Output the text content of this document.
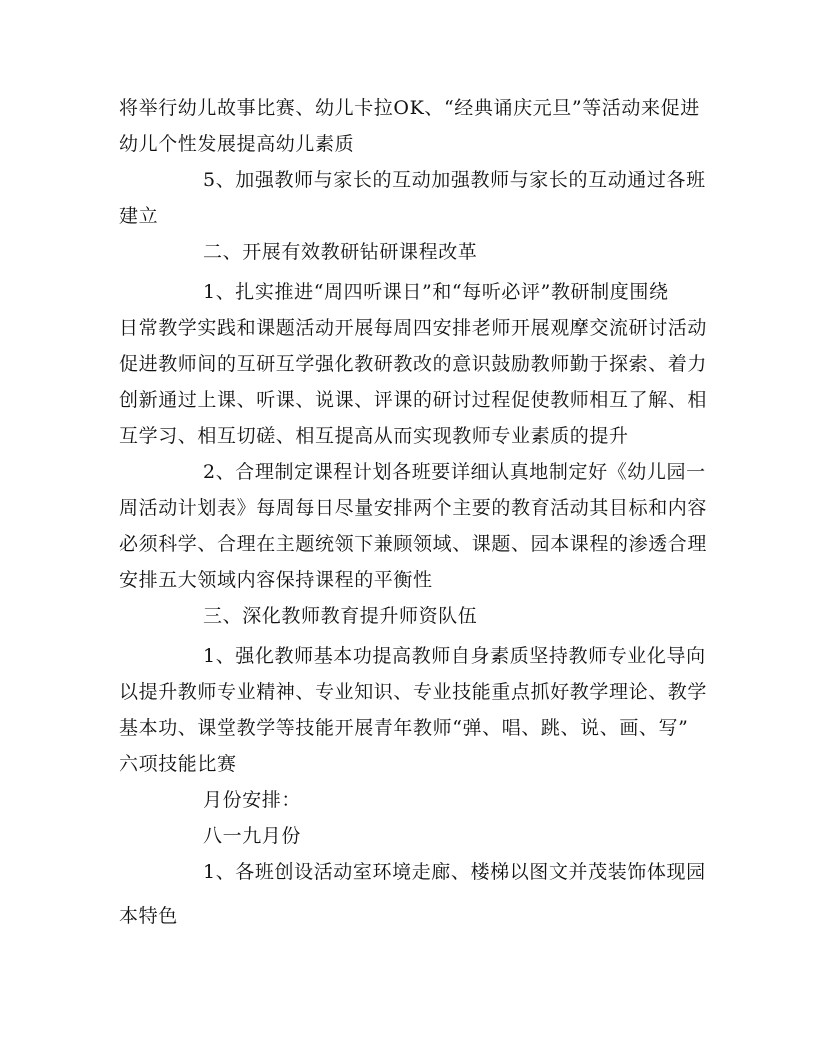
将举行幼儿故事比赛、幼儿卡拉OK、“经典诵庆元旦”等活动来促进
幼儿个性发展提高幼儿素质
5、加强教师与家长的互动加强教师与家长的互动通过各班
建立
二、开展有效教研钻研课程改革
1、扎实推进“周四听课日”和“每听必评”教研制度围绕
日常教学实践和课题活动开展每周四安排老师开展观摩交流研讨活动
促进教师间的互研互学强化教研教改的意识鼓励教师勤于探索、着力
创新通过上课、听课、说课、评课的研讨过程促使教师相互了解、相
互学习、相互切磋、相互提高从而实现教师专业素质的提升
2、合理制定课程计划各班要详细认真地制定好《幼儿园一
周活动计划表》每周每日尽量安排两个主要的教育活动其目标和内容
必须科学、合理在主题统领下兼顾领域、课题、园本课程的渗透合理
安排五大领域内容保持课程的平衡性
三、深化教师教育提升师资队伍
1、强化教师基本功提高教师自身素质坚持教师专业化导向
以提升教师专业精神、专业知识、专业技能重点抓好教学理论、教学
基本功、课堂教学等技能开展青年教师“弹、唱、跳、说、画、写”
六项技能比赛
月份安排：
八一九月份
1、各班创设活动室环境走廊、楼梯以图文并茂装饰体现园
本特色
